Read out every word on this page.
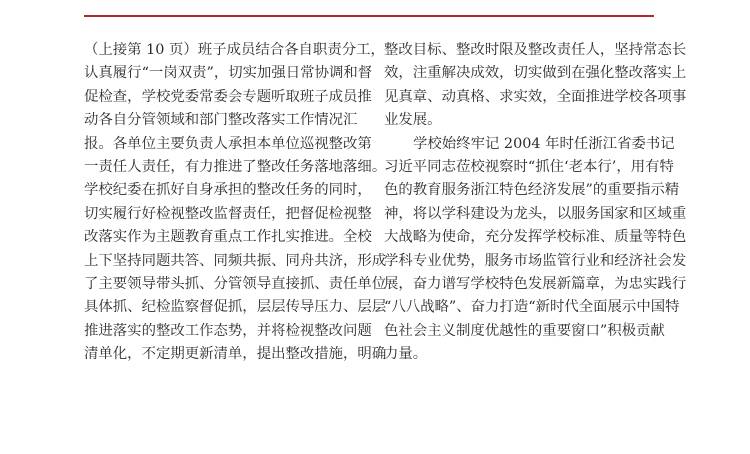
（上接第 10 页）班子成员结合各自职责分工，
认真履行“一岗双责”，切实加强日常协调和督
促检查，学校党委常委会专题听取班子成员推
动各自分管领域和部门整改落实工作情况汇
报。各单位主要负责人承担本单位巡视整改第
一责任人责任，有力推进了整改任务落地落细。
学校纪委在抓好自身承担的整改任务的同时，
切实履行好检视整改监督责任，把督促检视整
改落实作为主题教育重点工作扎实推进。全校
上下坚持同题共答、同频共振、同舟共济，形成
了主要领导带头抓、分管领导直接抓、责任单位
具体抓、纪检监察督促抓，层层传导压力、层层
推进落实的整改工作态势，并将检视整改问题
清单化，不定期更新清单，提出整改措施，明确
整改目标、整改时限及整改责任人，坚持常态长
效，注重解决成效，切实做到在强化整改落实上
见真章、动真格、求实效，全面推进学校各项事
业发展。
学校始终牢记 2004 年时任浙江省委书记
习近平同志莅校视察时“抓住‘老本行’，用有特
色的教育服务浙江特色经济发展”的重要指示精
神，将以学科建设为龙头，以服务国家和区域重
大战略为使命，充分发挥学校标准、质量等特色
学科专业优势，服务市场监管行业和经济社会发
展，奋力谱写学校特色发展新篇章，为忠实践行
“八八战略”、奋力打造“新时代全面展示中国特
色社会主义制度优越性的重要窗口”积极贡献
力量。
